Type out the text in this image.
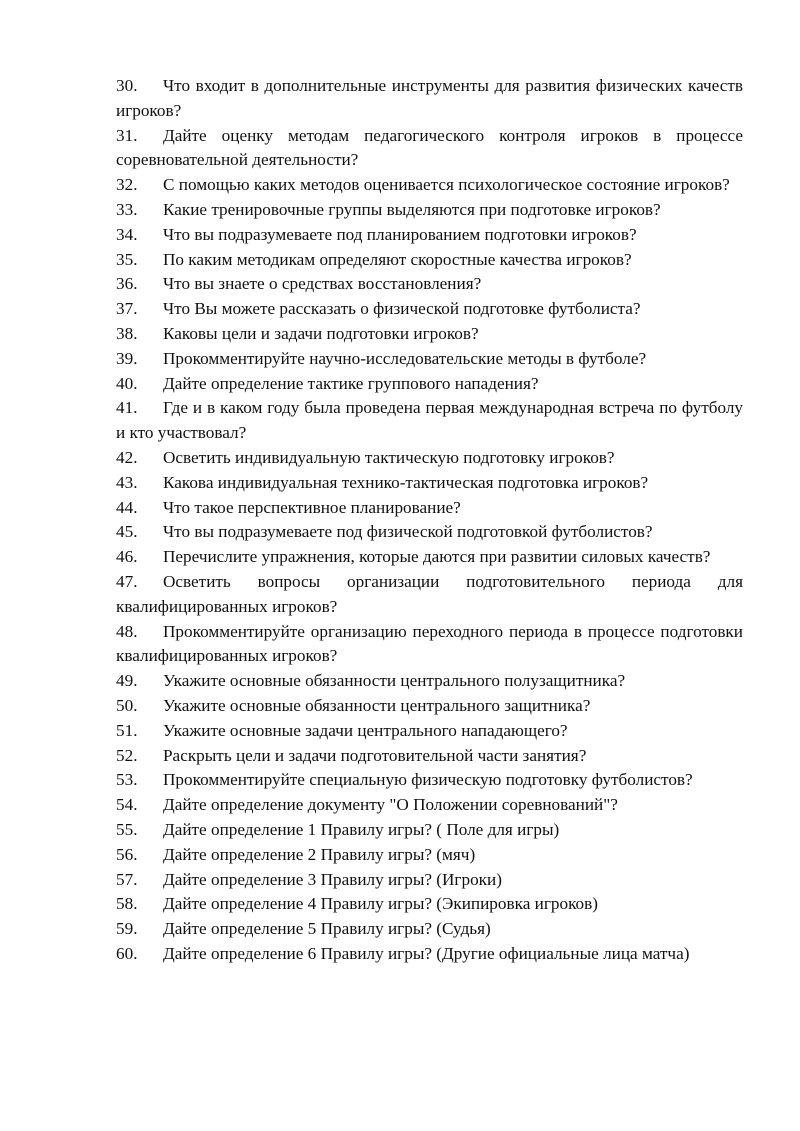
30. Что входит в дополнительные инструменты для развития физических качеств игроков?
31. Дайте оценку методам педагогического контроля игроков в процессе соревновательной деятельности?
32. С помощью каких методов оценивается психологическое состояние игроков?
33. Какие тренировочные группы выделяются при подготовке игроков?
34. Что вы подразумеваете под планированием подготовки игроков?
35. По каким методикам определяют скоростные качества игроков?
36. Что вы знаете о средствах восстановления?
37. Что Вы можете рассказать о физической подготовке футболиста?
38. Каковы цели и задачи подготовки игроков?
39. Прокомментируйте научно-исследовательские методы в футболе?
40. Дайте определение тактике группового нападения?
41. Где и в каком году была проведена первая международная встреча по футболу и кто участвовал?
42. Осветить индивидуальную тактическую подготовку игроков?
43. Какова индивидуальная технико-тактическая подготовка игроков?
44. Что такое перспективное планирование?
45. Что вы подразумеваете под физической подготовкой футболистов?
46. Перечислите упражнения, которые даются при развитии силовых качеств?
47. Осветить вопросы организации подготовительного периода для квалифицированных игроков?
48. Прокомментируйте организацию переходного периода в процессе подготовки квалифицированных игроков?
49. Укажите основные обязанности центрального полузащитника?
50. Укажите основные обязанности центрального защитника?
51. Укажите основные задачи центрального нападающего?
52. Раскрыть цели и задачи подготовительной части занятия?
53. Прокомментируйте специальную физическую подготовку футболистов?
54. Дайте определение документу "О Положении соревнований"?
55. Дайте определение 1 Правилу игры? ( Поле для игры)
56. Дайте определение 2 Правилу игры? (мяч)
57. Дайте определение 3 Правилу игры? (Игроки)
58. Дайте определение 4 Правилу игры? (Экипировка игроков)
59. Дайте определение 5 Правилу игры? (Судья)
60. Дайте определение 6 Правилу игры? (Другие официальные лица матча)
